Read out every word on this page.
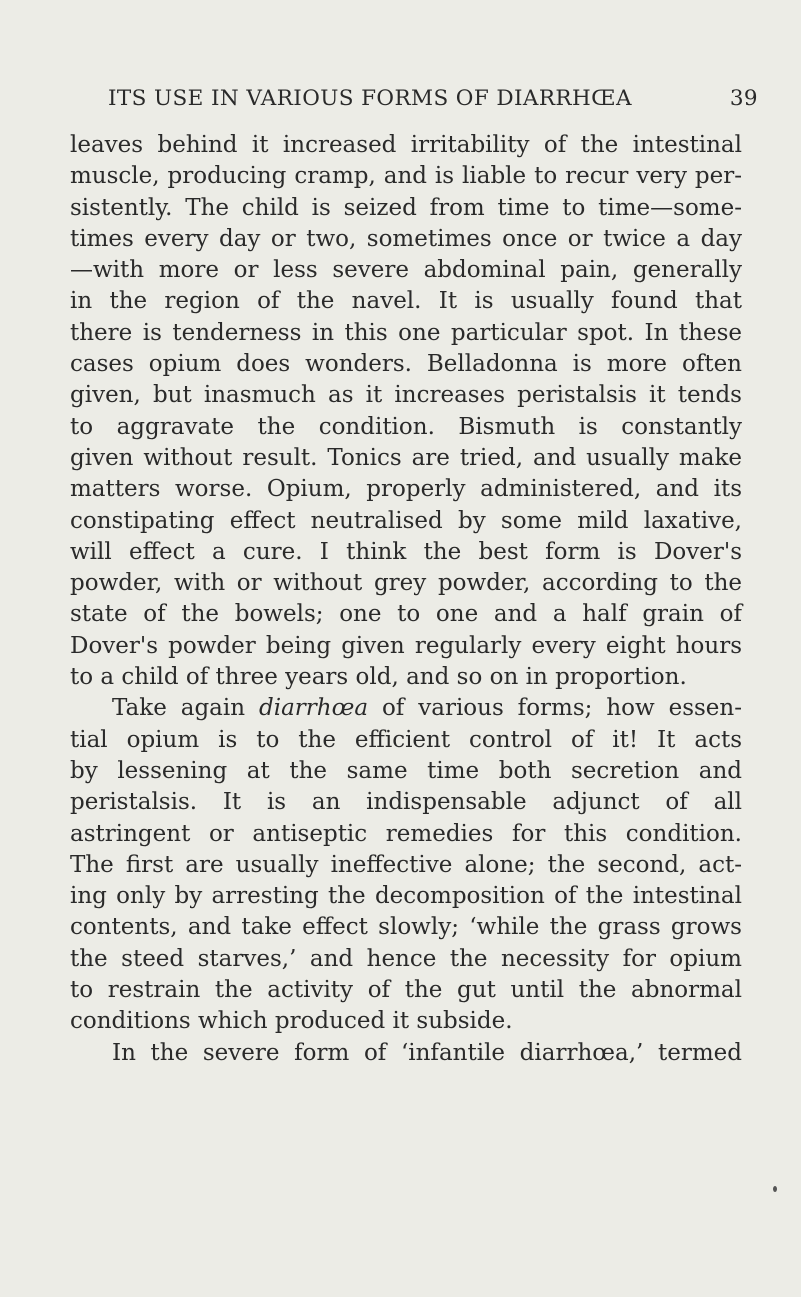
ITS USE IN VARIOUS FORMS OF DIARRHŒA	39
leaves behind it increased irritability of the intestinal
muscle, producing cramp, and is liable to recur very per-
sistently. The child is seized from time to time—some-
times every day or two, sometimes once or twice a day
—with more or less severe abdominal pain, generally
in the region of the navel. It is usually found that
there is tenderness in this one particular spot. In these
cases opium does wonders. Belladonna is more often
given, but inasmuch as it increases peristalsis it tends
to aggravate the condition. Bismuth is constantly
given without result. Tonics are tried, and usually make
matters worse. Opium, properly administered, and its
constipating effect neutralised by some mild laxative,
will effect a cure. I think the best form is Dover's
powder, with or without grey powder, according to the
state of the bowels; one to one and a half grain of
Dover's powder being given regularly every eight hours
to a child of three years old, and so on in proportion.
Take again diarrhœa of various forms; how essen-
tial opium is to the efficient control of it! It acts
by lessening at the same time both secretion and
peristalsis. It is an indispensable adjunct of all
astringent or antiseptic remedies for this condition.
The first are usually ineffective alone; the second, act-
ing only by arresting the decomposition of the intestinal
contents, and take effect slowly; ‘while the grass grows
the steed starves,’ and hence the necessity for opium
to restrain the activity of the gut until the abnormal
conditions which produced it subside.
In the severe form of ‘infantile diarrhœa,’ termed
